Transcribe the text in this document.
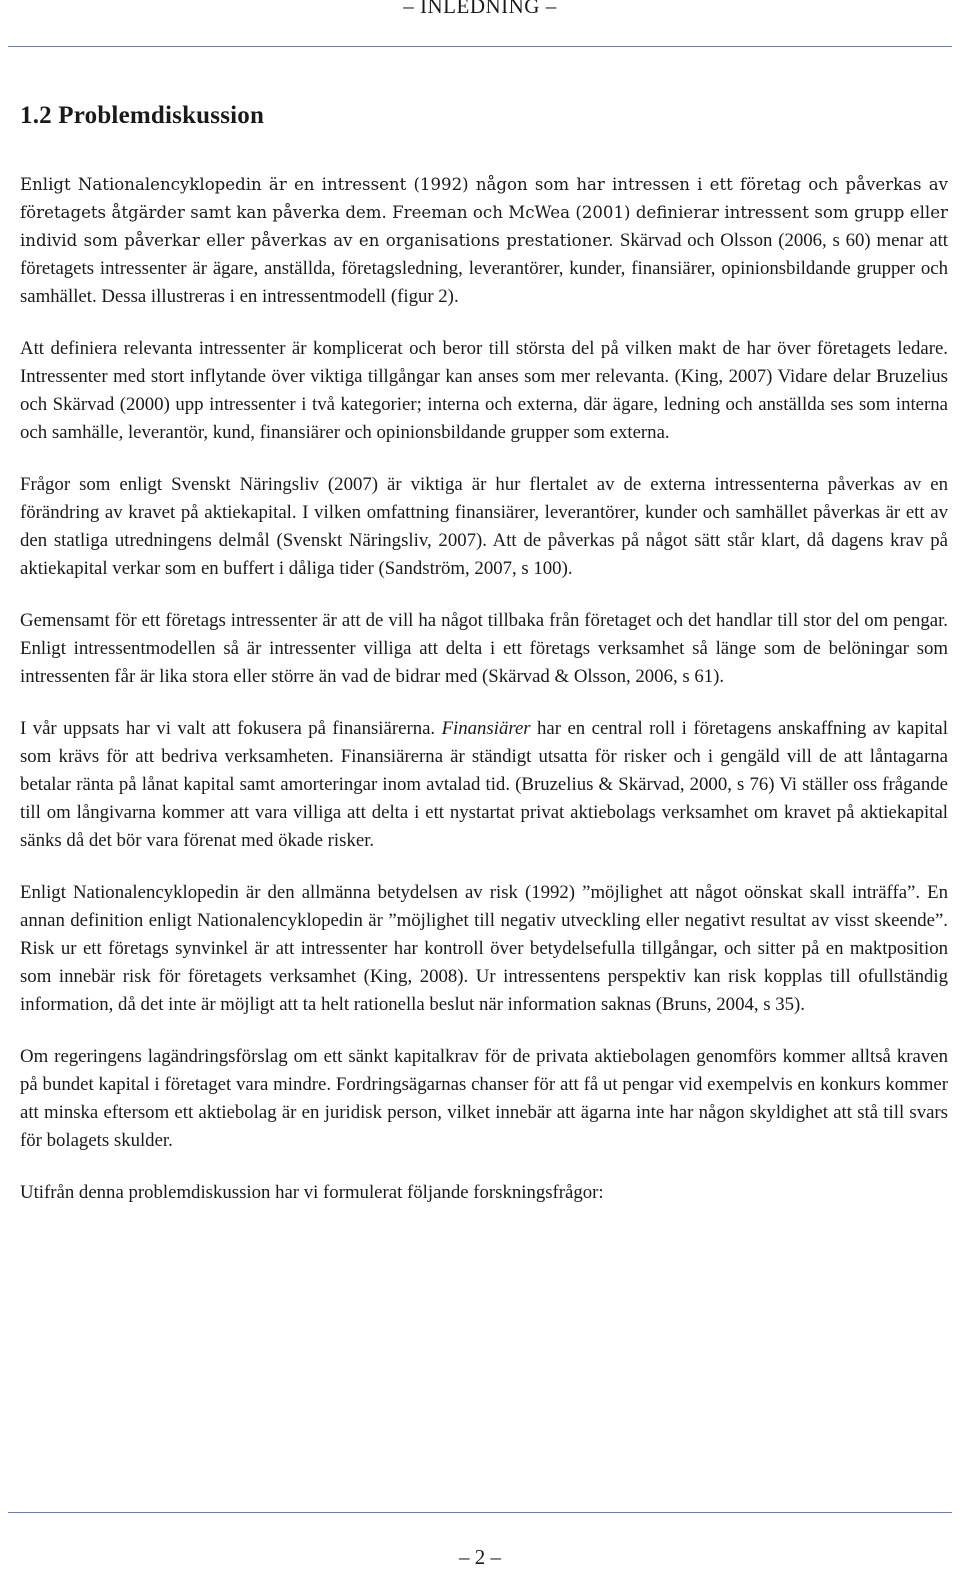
– INLEDNING –
1.2 Problemdiskussion

Enligt Nationalencyklopedin är en intressent (1992) någon som har intressen i ett företag och påverkas av företagets åtgärder samt kan påverka dem. Freeman och McWea (2001) definierar intressent som grupp eller individ som påverkar eller påverkas av en organisations prestationer. Skärvad och Olsson (2006, s 60) menar att företagets intressenter är ägare, anställda, företagsledning, leverantörer, kunder, finansiärer, opinionsbildande grupper och samhället. Dessa illustreras i en intressentmodell (figur 2).

Att definiera relevanta intressenter är komplicerat och beror till största del på vilken makt de har över företagets ledare. Intressenter med stort inflytande över viktiga tillgångar kan anses som mer relevanta. (King, 2007) Vidare delar Bruzelius och Skärvad (2000) upp intressenter i två kategorier; interna och externa, där ägare, ledning och anställda ses som interna och samhälle, leverantör, kund, finansiärer och opinionsbildande grupper som externa.

Frågor som enligt Svenskt Näringsliv (2007) är viktiga är hur flertalet av de externa intressenterna påverkas av en förändring av kravet på aktiekapital. I vilken omfattning finansiärer, leverantörer, kunder och samhället påverkas är ett av den statliga utredningens delmål (Svenskt Näringsliv, 2007). Att de påverkas på något sätt står klart, då dagens krav på aktiekapital verkar som en buffert i dåliga tider (Sandström, 2007, s 100).

Gemensamt för ett företags intressenter är att de vill ha något tillbaka från företaget och det handlar till stor del om pengar. Enligt intressentmodellen så är intressenter villiga att delta i ett företags verksamhet så länge som de belöningar som intressenten får är lika stora eller större än vad de bidrar med (Skärvad & Olsson, 2006, s 61).

I vår uppsats har vi valt att fokusera på finansiärerna. Finansiärer har en central roll i företagens anskaffning av kapital som krävs för att bedriva verksamheten. Finansiärerna är ständigt utsatta för risker och i gengäld vill de att låntagarna betalar ränta på lånat kapital samt amorteringar inom avtalad tid. (Bruzelius & Skärvad, 2000, s 76) Vi ställer oss frågande till om långivarna kommer att vara villiga att delta i ett nystartat privat aktiebolags verksamhet om kravet på aktiekapital sänks då det bör vara förenat med ökade risker.

Enligt Nationalencyklopedin är den allmänna betydelsen av risk (1992) ”möjlighet att något oönskat skall inträffa”. En annan definition enligt Nationalencyklopedin är ”möjlighet till negativ utveckling eller negativt resultat av visst skeende”. Risk ur ett företags synvinkel är att intressenter har kontroll över betydelsefulla tillgångar, och sitter på en maktposition som innebär risk för företagets verksamhet (King, 2008). Ur intressentens perspektiv kan risk kopplas till ofullständig information, då det inte är möjligt att ta helt rationella beslut när information saknas (Bruns, 2004, s 35).

Om regeringens lagändringsförslag om ett sänkt kapitalkrav för de privata aktiebolagen genomförs kommer alltså kraven på bundet kapital i företaget vara mindre. Fordringsägarnas chanser för att få ut pengar vid exempelvis en konkurs kommer att minska eftersom ett aktiebolag är en juridisk person, vilket innebär att ägarna inte har någon skyldighet att stå till svars för bolagets skulder.

Utifrån denna problemdiskussion har vi formulerat följande forskningsfrågor:

– 2 –
